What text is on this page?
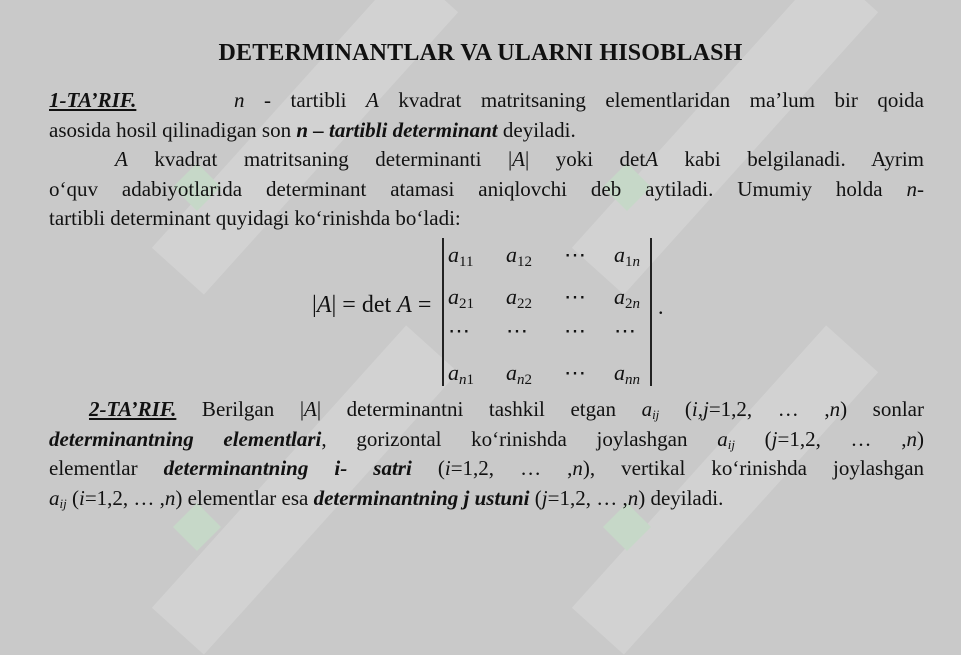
DETERMINANTLAR VA ULARNI HISOBLASH
1-TA’RIF.	n - tartibli A kvadrat matritsaning elementlaridan ma’lum bir qoida
asosida hosil qilinadigan son n – tartibli determinant deyiladi.
A kvadrat matritsaning determinanti |A| yoki detA kabi belgilanadi. Ayrim
o‘quv adabiyotlarida determinant atamasi aniqlovchi deb aytiladi. Umumiy holda n-
tartibli determinant quyidagi ko‘rinishda bo‘ladi:
|A| = det A =
$a_{11}$ $a_{12}$ ⋯ $a_{1n}$
$a_{21}$ $a_{22}$ ⋯ $a_{2n}$
⋯ ⋯ ⋯ ⋯
$a_{n1}$ $a_{n2}$ ⋯ $a_{nn}$
.
2-TA’RIF. Berilgan |A| determinantni tashkil etgan $a_{ij}$ (i,j=1,2, … ,n) sonlar
determinantning elementlari, gorizontal ko‘rinishda joylashgan $a_{ij}$ (j=1,2, … ,n)
elementlar determinantning i- satri (i=1,2, … ,n), vertikal ko‘rinishda joylashgan
$a_{ij}$ (i=1,2, … ,n) elementlar esa determinantning j ustuni (j=1,2, … ,n) deyiladi.
